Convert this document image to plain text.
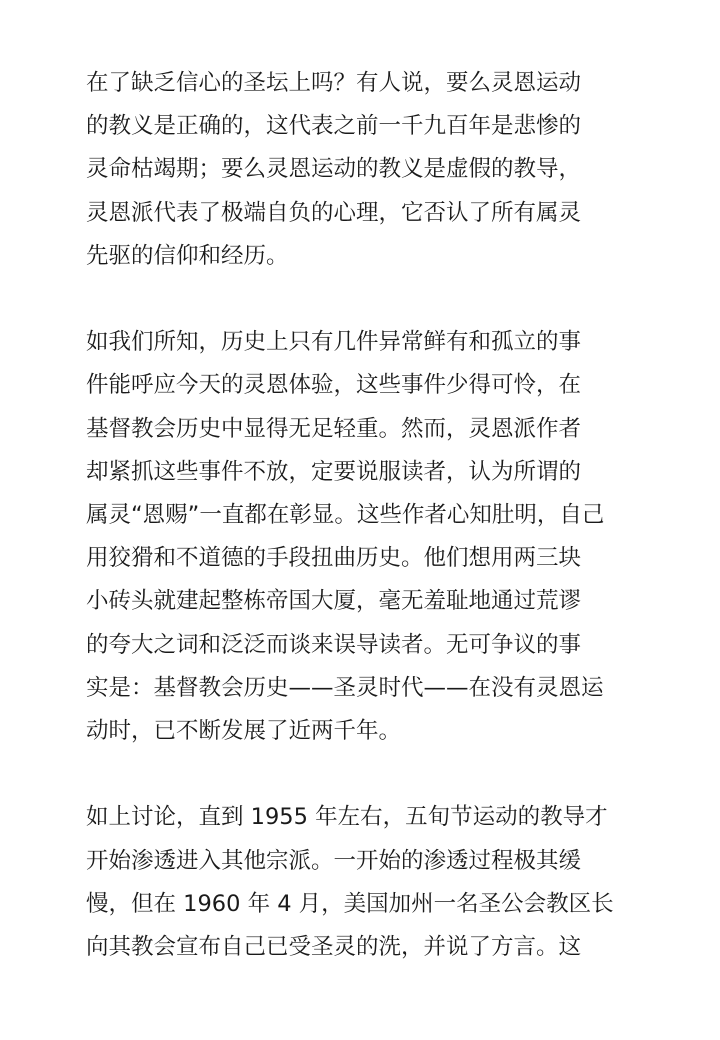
在了缺乏信心的圣坛上吗？有人说，要么灵恩运动
的教义是正确的，这代表之前一千九百年是悲惨的
灵命枯竭期；要么灵恩运动的教义是虚假的教导，
灵恩派代表了极端自负的心理，它否认了所有属灵
先驱的信仰和经历。

如我们所知，历史上只有几件异常鲜有和孤立的事
件能呼应今天的灵恩体验，这些事件少得可怜，在
基督教会历史中显得无足轻重。然而，灵恩派作者
却紧抓这些事件不放，定要说服读者，认为所谓的
属灵“恩赐”一直都在彰显。这些作者心知肚明，自己
用狡猾和不道德的手段扭曲历史。他们想用两三块
小砖头就建起整栋帝国大厦，毫无羞耻地通过荒谬
的夸大之词和泛泛而谈来误导读者。无可争议的事
实是：基督教会历史——圣灵时代——在没有灵恩运
动时，已不断发展了近两千年。

如上讨论，直到 1955 年左右，五旬节运动的教导才
开始渗透进入其他宗派。一开始的渗透过程极其缓
慢，但在 1960 年 4 月，美国加州一名圣公会教区长
向其教会宣布自己已受圣灵的洗，并说了方言。这
